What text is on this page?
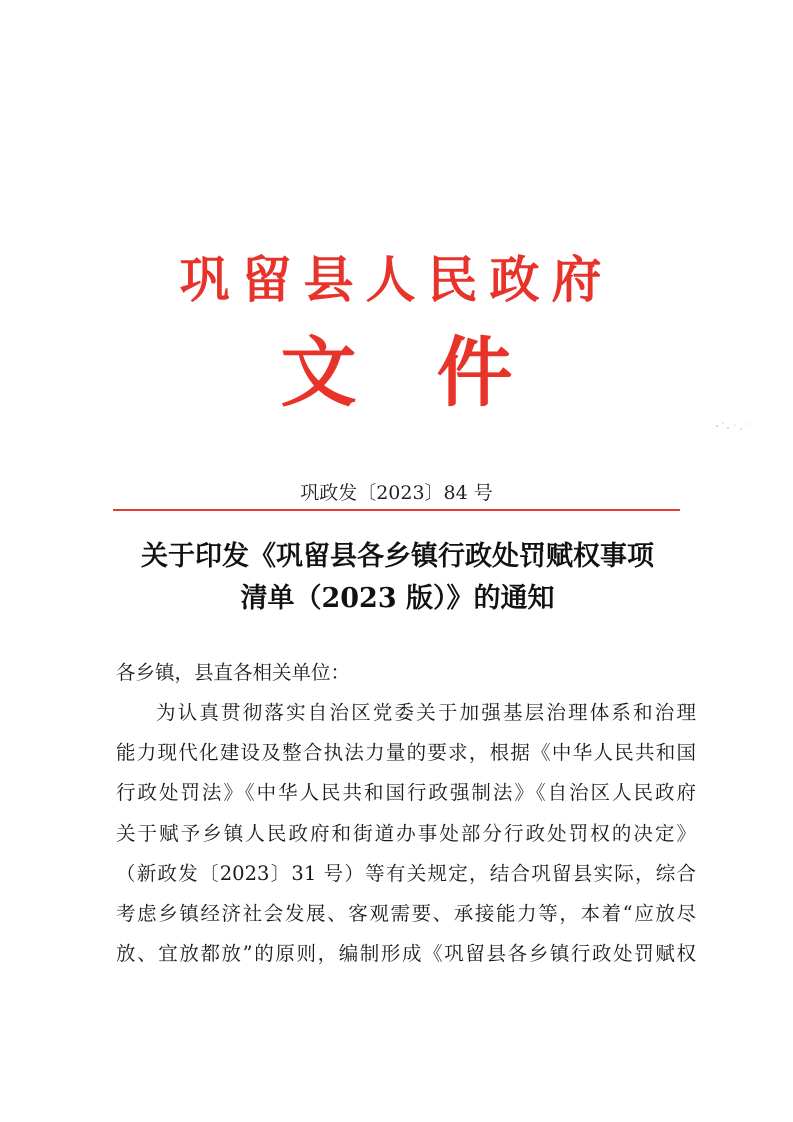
巩留县人民政府
文件
巩政发〔2023〕84 号
关于印发《巩留县各乡镇行政处罚赋权事项
清单（2023 版）》的通知
各乡镇，县直各相关单位：
为认真贯彻落实自治区党委关于加强基层治理体系和治理
能力现代化建设及整合执法力量的要求，根据《中华人民共和国
行政处罚法》《中华人民共和国行政强制法》《自治区人民政府
关于赋予乡镇人民政府和街道办事处部分行政处罚权的决定》
（新政发〔2023〕31 号）等有关规定，结合巩留县实际，综合
考虑乡镇经济社会发展、客观需要、承接能力等，本着“应放尽
放、宜放都放”的原则，编制形成《巩留县各乡镇行政处罚赋权
